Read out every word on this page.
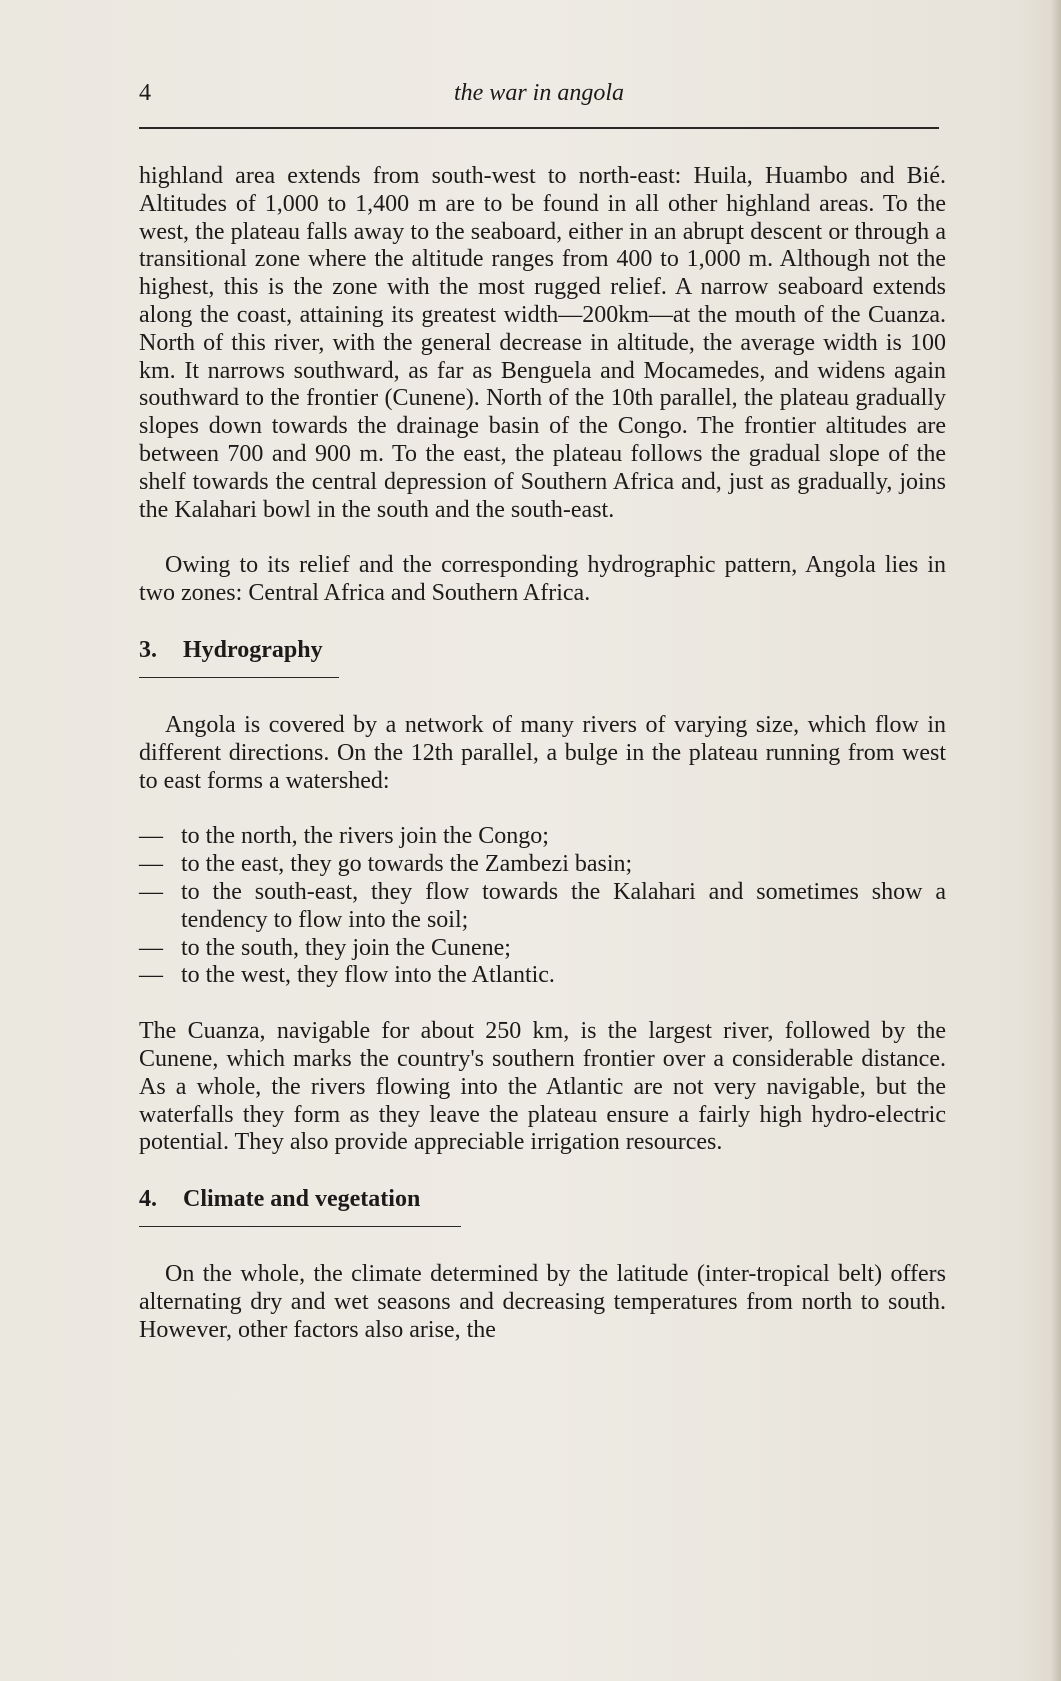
4	the war in angola

highland area extends from south-west to north-east: Huila, Huambo and Bié. Altitudes of 1,000 to 1,400 m are to be found in all other highland areas. To the west, the plateau falls away to the seaboard, either in an abrupt descent or through a transitional zone where the altitude ranges from 400 to 1,000 m. Although not the highest, this is the zone with the most rugged relief. A narrow seaboard extends along the coast, attaining its greatest width—200km—at the mouth of the Cuanza. North of this river, with the general decrease in altitude, the average width is 100 km. It narrows southward, as far as Benguela and Mocamedes, and widens again southward to the frontier (Cunene). North of the 10th parallel, the plateau gradually slopes down towards the drainage basin of the Congo. The frontier altitudes are between 700 and 900 m. To the east, the plateau follows the gradual slope of the shelf towards the central depression of Southern Africa and, just as gradually, joins the Kalahari bowl in the south and the south-east.

Owing to its relief and the corresponding hydrographic pattern, Angola lies in two zones: Central Africa and Southern Africa.

3. Hydrography

Angola is covered by a network of many rivers of varying size, which flow in different directions. On the 12th parallel, a bulge in the plateau running from west to east forms a watershed:

— to the north, the rivers join the Congo;
— to the east, they go towards the Zambezi basin;
— to the south-east, they flow towards the Kalahari and sometimes show a tendency to flow into the soil;
— to the south, they join the Cunene;
— to the west, they flow into the Atlantic.

The Cuanza, navigable for about 250 km, is the largest river, followed by the Cunene, which marks the country's southern frontier over a considerable distance. As a whole, the rivers flowing into the Atlantic are not very navigable, but the waterfalls they form as they leave the plateau ensure a fairly high hydro-electric potential. They also provide appreciable irrigation resources.

4. Climate and vegetation

On the whole, the climate determined by the latitude (inter-tropical belt) offers alternating dry and wet seasons and decreasing temperatures from north to south. However, other factors also arise, the
